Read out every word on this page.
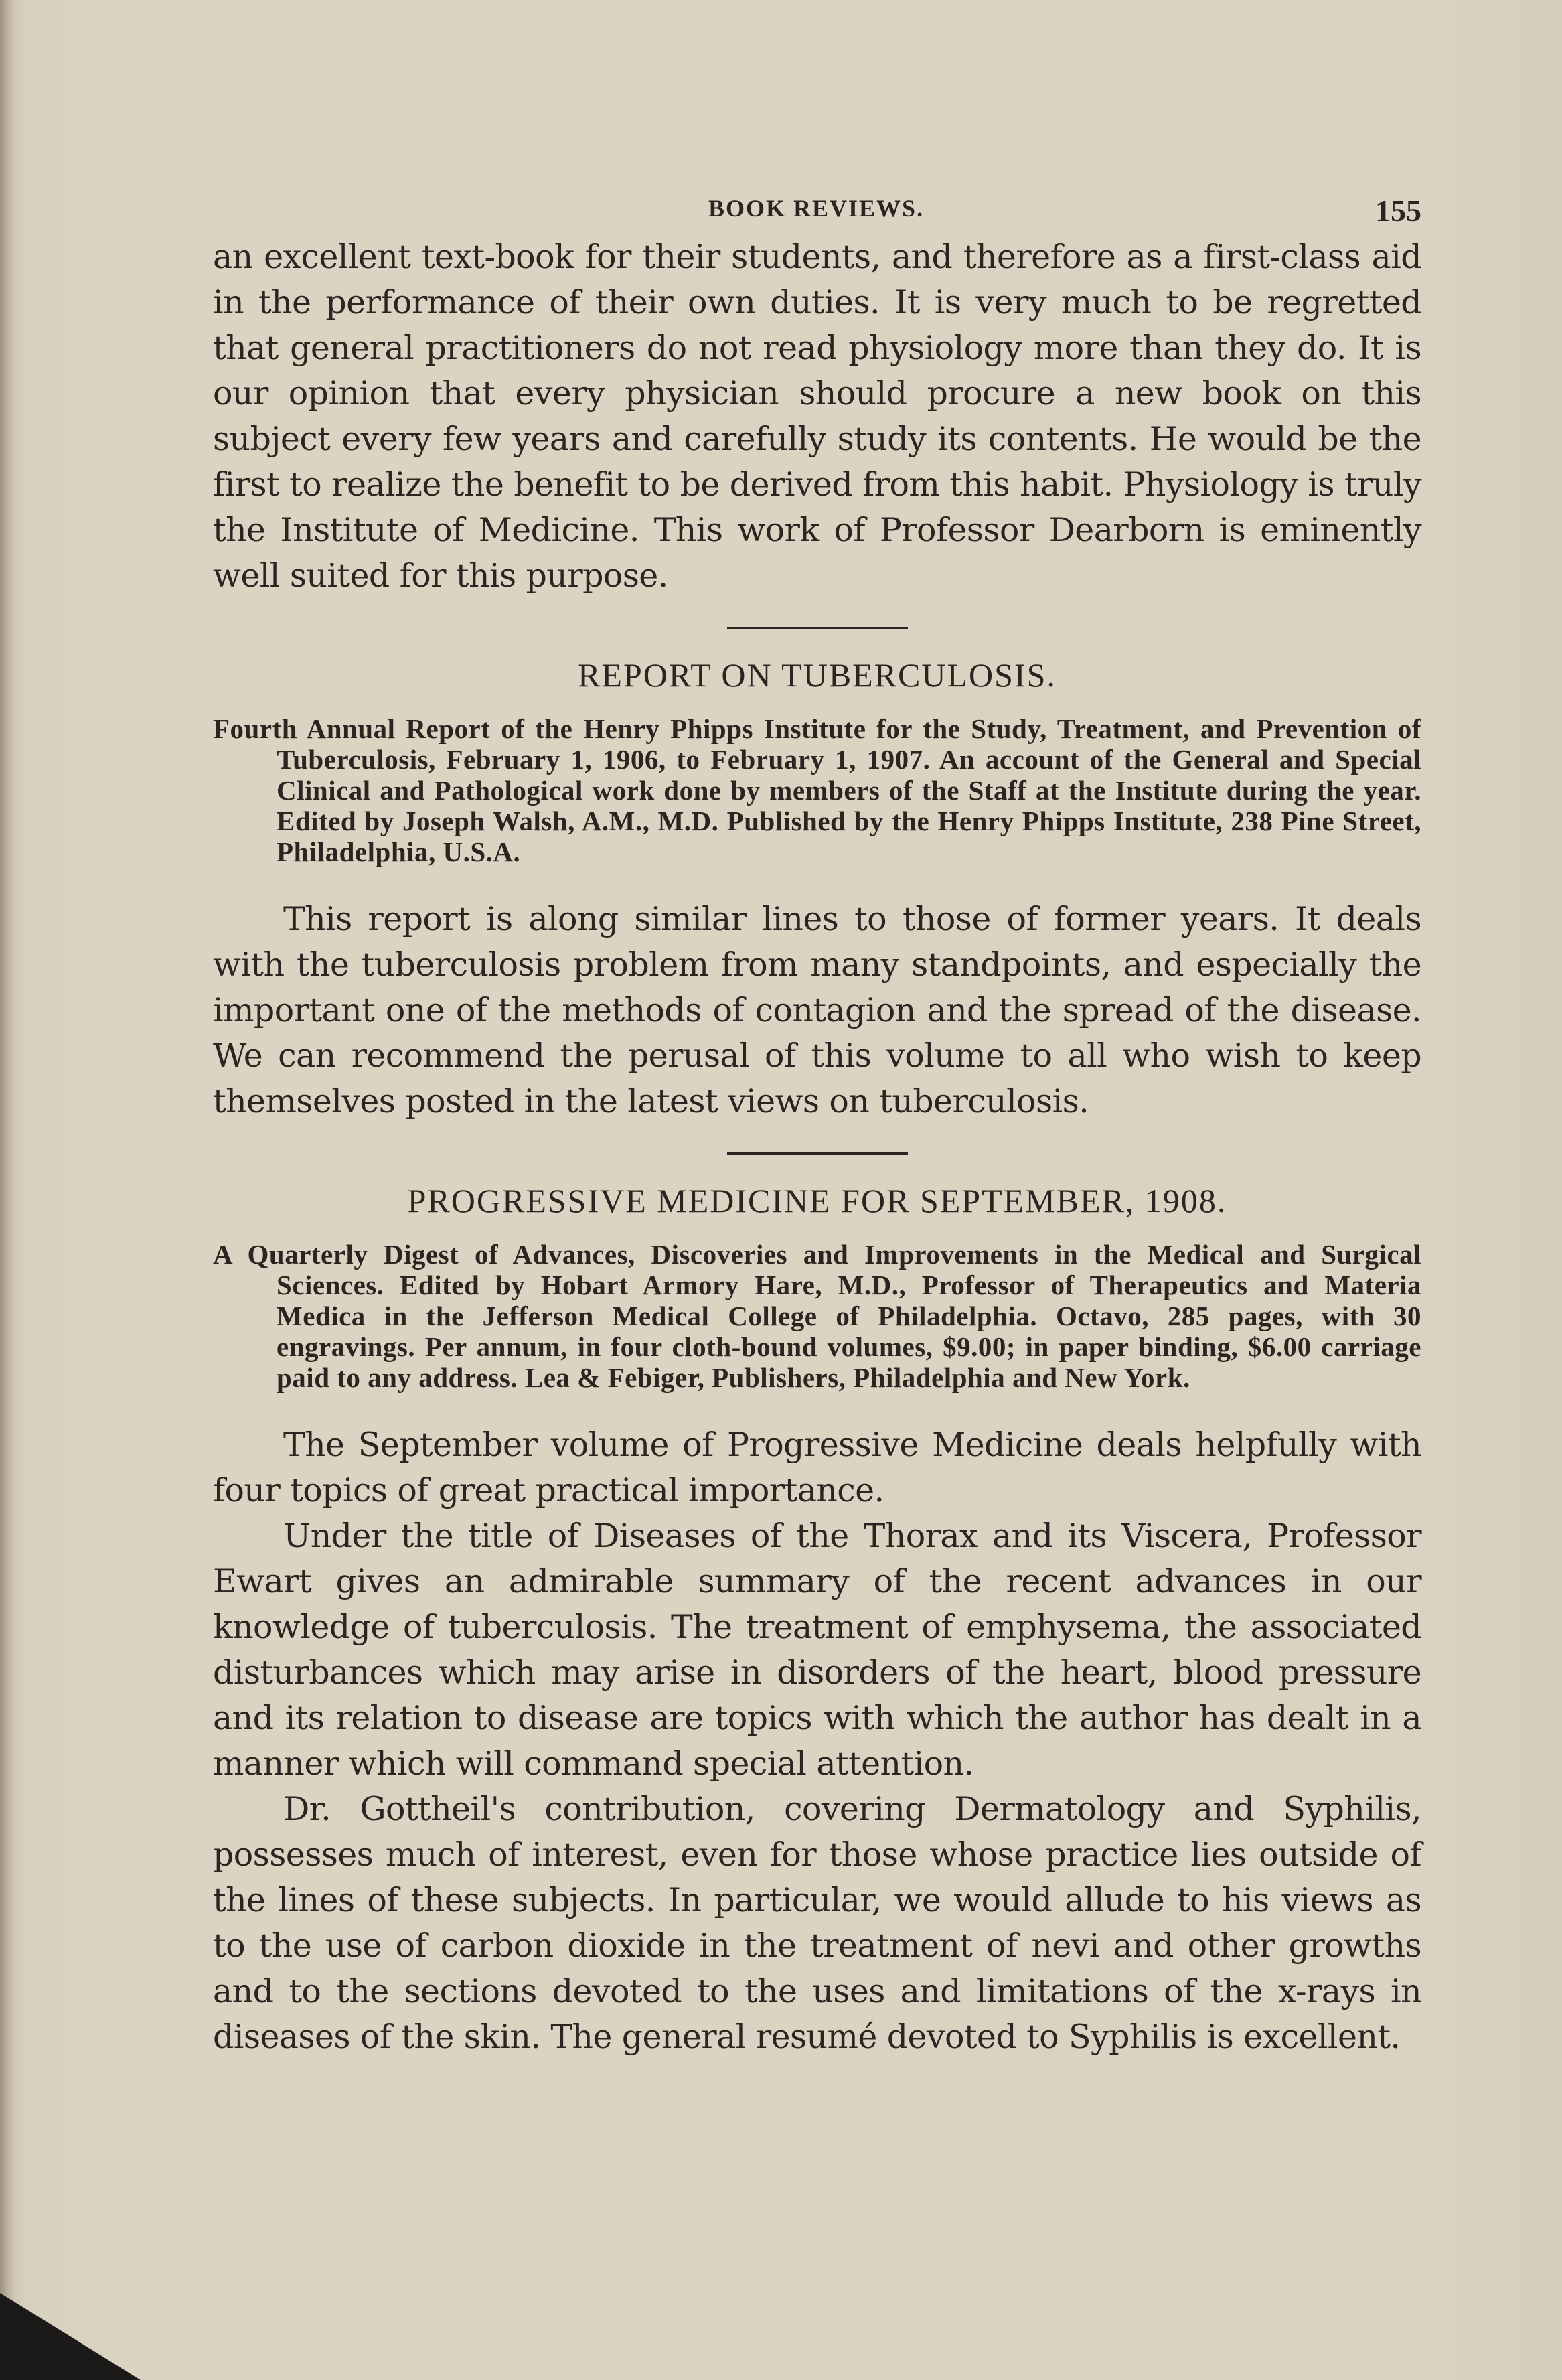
BOOK REVIEWS.	155

an excellent text-book for their students, and therefore as a first-class aid in the performance of their own duties. It is very much to be regretted that general practitioners do not read physiology more than they do. It is our opinion that every physician should procure a new book on this subject every few years and carefully study its contents. He would be the first to realize the benefit to be derived from this habit. Physiology is truly the Institute of Medicine. This work of Professor Dearborn is eminently well suited for this purpose.

REPORT ON TUBERCULOSIS.

Fourth Annual Report of the Henry Phipps Institute for the Study, Treatment, and Prevention of Tuberculosis, February 1, 1906, to February 1, 1907. An account of the General and Special Clinical and Pathological work done by members of the Staff at the Institute during the year. Edited by Joseph Walsh, A.M., M.D. Published by the Henry Phipps Institute, 238 Pine Street, Philadelphia, U.S.A.

This report is along similar lines to those of former years. It deals with the tuberculosis problem from many standpoints, and especially the important one of the methods of contagion and the spread of the disease. We can recommend the perusal of this volume to all who wish to keep themselves posted in the latest views on tuberculosis.

PROGRESSIVE MEDICINE FOR SEPTEMBER, 1908.

A Quarterly Digest of Advances, Discoveries and Improvements in the Medical and Surgical Sciences. Edited by Hobart Armory Hare, M.D., Professor of Therapeutics and Materia Medica in the Jefferson Medical College of Philadelphia. Octavo, 285 pages, with 30 engravings. Per annum, in four cloth-bound volumes, $9.00; in paper binding, $6.00 carriage paid to any address. Lea & Febiger, Publishers, Philadelphia and New York.

The September volume of Progressive Medicine deals helpfully with four topics of great practical importance.

Under the title of Diseases of the Thorax and its Viscera, Professor Ewart gives an admirable summary of the recent advances in our knowledge of tuberculosis. The treatment of emphysema, the associated disturbances which may arise in disorders of the heart, blood pressure and its relation to disease are topics with which the author has dealt in a manner which will command special attention.

Dr. Gottheil's contribution, covering Dermatology and Syphilis, possesses much of interest, even for those whose practice lies outside of the lines of these subjects. In particular, we would allude to his views as to the use of carbon dioxide in the treatment of nevi and other growths and to the sections devoted to the uses and limitations of the x-rays in diseases of the skin. The general resumé devoted to Syphilis is excellent.
